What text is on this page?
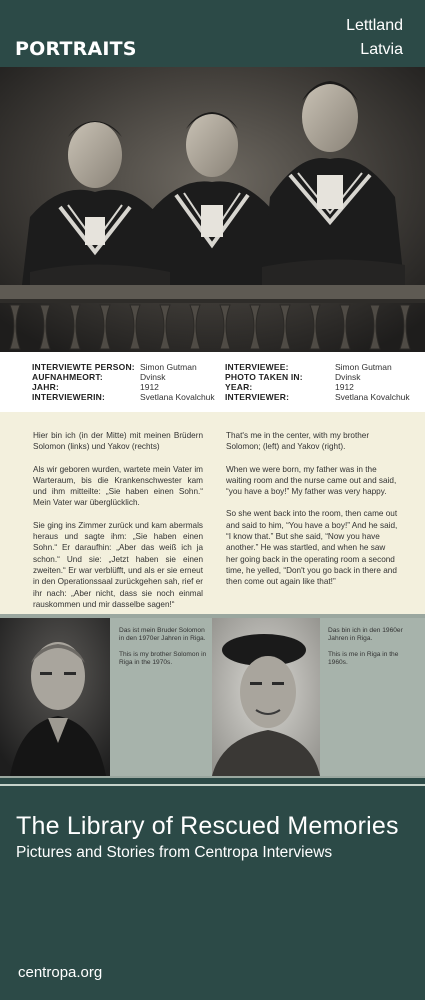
PORTRAITS
Lettland
Latvia
INTERVIEWTE PERSON:
AUFNAHMEORT:
JAHR:
INTERVIEWERIN:
Simon Gutman
Dvinsk
1912
Svetlana Kovalchuk
INTERVIEWEE:
PHOTO TAKEN IN:
YEAR:
INTERVIEWER:
Simon Gutman
Dvinsk
1912
Svetlana Kovalchuk

Hier bin ich (in der Mitte) mit meinen Brüdern Solomon (links) und Yakov (rechts)

Als wir geboren wurden, wartete mein Vater im Warteraum, bis die Krankenschwester kam und ihm mitteilte: „Sie haben einen Sohn.“ Mein Vater war überglücklich.

Sie ging ins Zimmer zurück und kam abermals heraus und sagte ihm: „Sie haben einen Sohn.“ Er daraufhin: „Aber das weiß ich ja schon.“ Und sie: „Jetzt haben sie einen zweiten.“ Er war verblüfft, und als er sie erneut in den Operationssaal zurückgehen sah, rief er ihr nach: „Aber nicht, dass sie noch einmal rauskommen und mir dasselbe sagen!“

That's me in the center, with my brother Solomon; (left) and Yakov (right).

When we were born, my father was in the waiting room and the nurse came out and said, “you have a boy!” My father was very happy.

So she went back into the room, then came out and said to him, “You have a boy!” And he said, “I know that.” But she said, “Now you have another.” He was startled, and when he saw her going back in the operating room a second time, he yelled, “Don't you go back in there and then come out again like that!”

Das ist mein Bruder Solomon in den 1970er Jahren in Riga.

This is my brother Solomon in Riga in the 1970s.

Das bin ich in den 1960er Jahren in Riga.

This is me in Riga in the 1960s.

The Library of Rescued Memories
Pictures and Stories from Centropa Interviews
centropa.org
